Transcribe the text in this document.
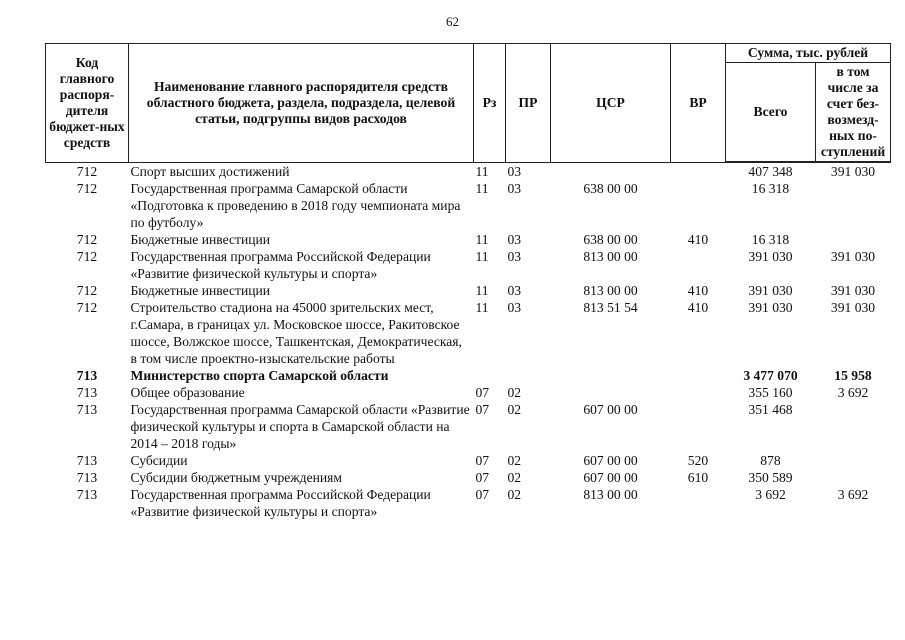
62
Код главного распоря-дителя бюджет-ных средств	Наименование главного распорядителя средств областного бюджета, раздела, подраздела, целевой статьи, подгруппы видов расходов	Рз	ПР	ЦСР	ВР	Сумма, тыс. рублей	
						Всего	в том числе за счет без-возмезд-ных по-ступлений
712	Спорт высших достижений	11	03			407 348	391 030
712	Государственная программа Самарской области «Подготовка к проведению в 2018 году чемпионата мира по футболу»	11	03	638 00 00		16 318	
712	Бюджетные инвестиции	11	03	638 00 00	410	16 318	
712	Государственная программа Российской Федерации «Развитие физической культуры и спорта»	11	03	813 00 00		391 030	391 030
712	Бюджетные инвестиции	11	03	813 00 00	410	391 030	391 030
712	Строительство стадиона на 45000 зрительских мест, г.Самара, в границах ул. Московское шоссе, Ракитовское шоссе, Волжское шоссе, Ташкентская, Демократическая, в том числе проектно-изыскательские работы	11	03	813 51 54	410	391 030	391 030
713	Министерство спорта Самарской области					3 477 070	15 958
713	Общее образование	07	02			355 160	3 692
713	Государственная программа Самарской области «Развитие физической культуры и спорта в Самарской области на 2014 – 2018 годы»	07	02	607 00 00		351 468	
713	Субсидии	07	02	607 00 00	520	878	
713	Субсидии бюджетным учреждениям	07	02	607 00 00	610	350 589	
713	Государственная программа Российской Федерации «Развитие физической культуры и спорта»	07	02	813 00 00		3 692	3 692
